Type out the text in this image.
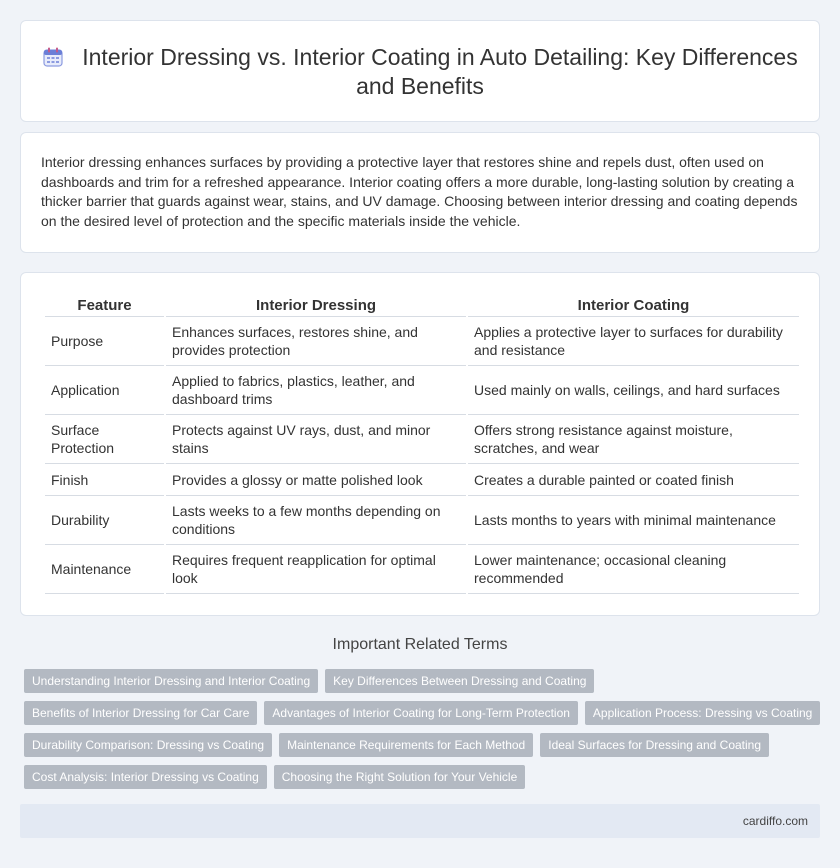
Interior Dressing vs. Interior Coating in Auto Detailing: Key Differences and Benefits

Interior dressing enhances surfaces by providing a protective layer that restores shine and repels dust, often used on dashboards and trim for a refreshed appearance. Interior coating offers a more durable, long-lasting solution by creating a thicker barrier that guards against wear, stains, and UV damage. Choosing between interior dressing and coating depends on the desired level of protection and the specific materials inside the vehicle.

Feature	Interior Dressing	Interior Coating
Purpose	Enhances surfaces, restores shine, and provides protection	Applies a protective layer to surfaces for durability and resistance
Application	Applied to fabrics, plastics, leather, and dashboard trims	Used mainly on walls, ceilings, and hard surfaces
Surface Protection	Protects against UV rays, dust, and minor stains	Offers strong resistance against moisture, scratches, and wear
Finish	Provides a glossy or matte polished look	Creates a durable painted or coated finish
Durability	Lasts weeks to a few months depending on conditions	Lasts months to years with minimal maintenance
Maintenance	Requires frequent reapplication for optimal look	Lower maintenance; occasional cleaning recommended
Important Related Terms
Understanding Interior Dressing and Interior Coating	Key Differences Between Dressing and Coating
Benefits of Interior Dressing for Car Care	Advantages of Interior Coating for Long-Term Protection	Application Process: Dressing vs Coating
Durability Comparison: Dressing vs Coating	Maintenance Requirements for Each Method	Ideal Surfaces for Dressing and Coating
Cost Analysis: Interior Dressing vs Coating	Choosing the Right Solution for Your Vehicle
cardiffo.com
